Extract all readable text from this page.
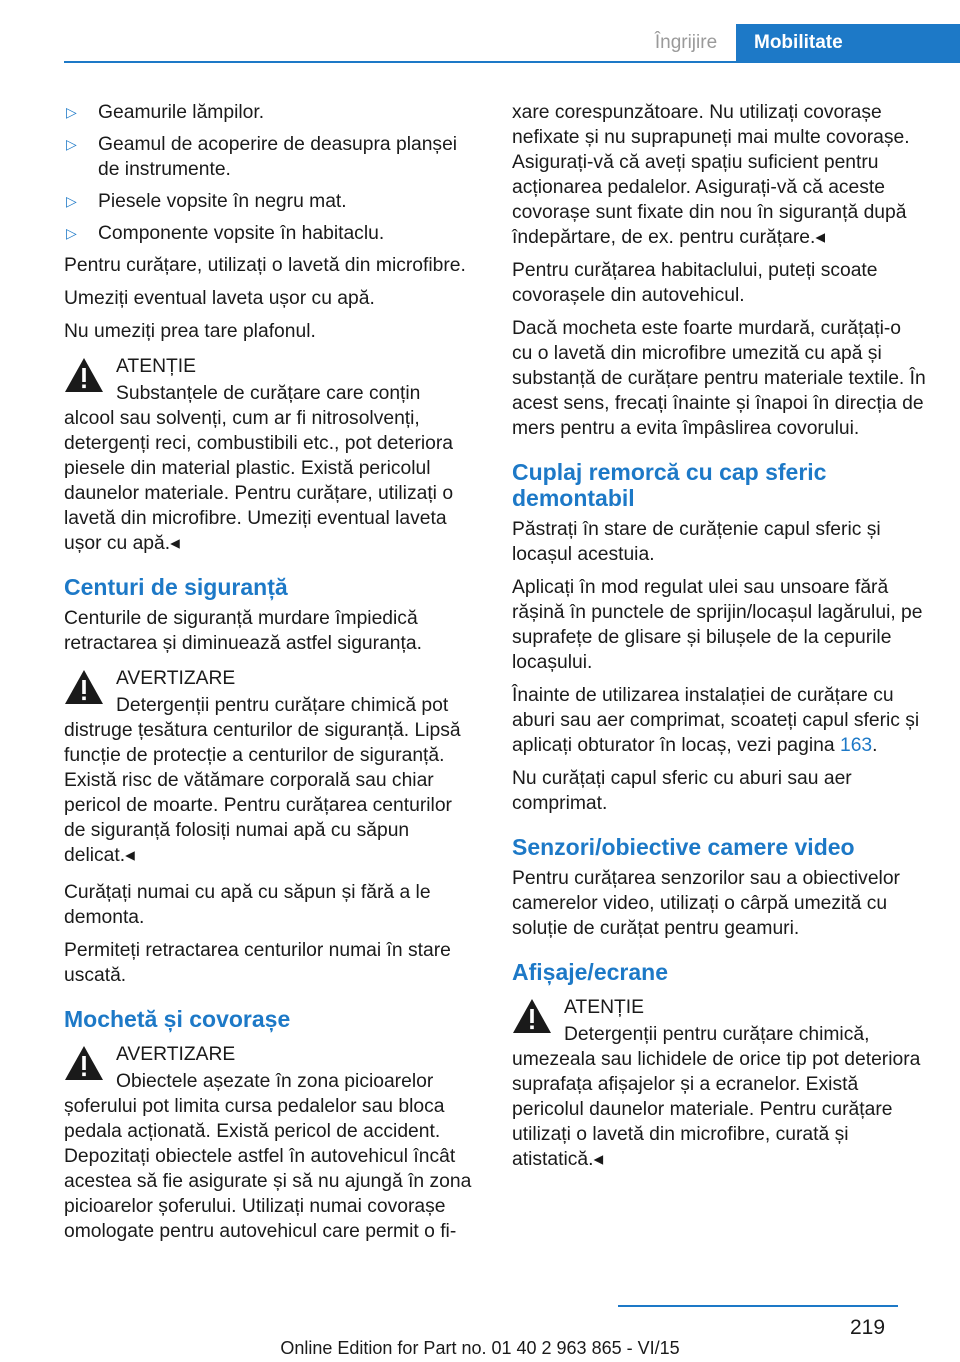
Îngrijire	Mobilitate
▷ Geamurile lămpilor.
▷ Geamul de acoperire de deasupra planșei de instrumente.
▷ Piesele vopsite în negru mat.
▷ Componente vopsite în habitaclu.

Pentru curățare, utilizați o lavetă din microfibre.

Umeziți eventual laveta ușor cu apă.

Nu umeziți prea tare plafonul.

ATENȚIE

Substanțele de curățare care conțin alcool sau solvenți, cum ar fi nitrosolvenți, detergenți reci, combustibili etc., pot deteriora piesele din material plastic. Există pericolul daunelor materiale. Pentru curățare, utilizați o lavetă din microfibre. Umeziți eventual laveta ușor cu apă.◂

Centuri de siguranță

Centurile de siguranță murdare împiedică retractarea și diminuează astfel siguranța.

AVERTIZARE

Detergenții pentru curățare chimică pot distruge țesătura centurilor de siguranță. Lipsă funcție de protecție a centurilor de siguranță. Există risc de vătămare corporală sau chiar pericol de moarte. Pentru curățarea centurilor de siguranță folosiți numai apă cu săpun delicat.◂

Curățați numai cu apă cu săpun și fără a le demonta.

Permiteți retractarea centurilor numai în stare uscată.

Mochetă și covorașe

AVERTIZARE

Obiectele așezate în zona picioarelor șoferului pot limita cursa pedalelor sau bloca pedala acționată. Există pericol de accident. Depozitați obiectele astfel în autovehicul încât acestea să fie asigurate și să nu ajungă în zona picioarelor șoferului. Utilizați numai covorașe omologate pentru autovehicul care permit o fi-

xare corespunzătoare. Nu utilizați covorașe nefixate și nu suprapuneți mai multe covorașe. Asigurați-vă că aveți spațiu suficient pentru acționarea pedalelor. Asigurați-vă că aceste covorașe sunt fixate din nou în siguranță după îndepărtare, de ex. pentru curățare.◂

Pentru curățarea habitaclului, puteți scoate covorașele din autovehicul.

Dacă mocheta este foarte murdară, curățați-o cu o lavetă din microfibre umezită cu apă și substanță de curățare pentru materiale textile. În acest sens, frecați înainte și înapoi în direcția de mers pentru a evita împâslirea covorului.

Cuplaj remorcă cu cap sferic demontabil

Păstrați în stare de curățenie capul sferic și locașul acestuia.

Aplicați în mod regulat ulei sau unsoare fără rășină în punctele de sprijin/locașul lagărului, pe suprafețe de glisare și bilușele de la cepurile locașului.

Înainte de utilizarea instalației de curățare cu aburi sau aer comprimat, scoateți capul sferic și aplicați obturator în locaș, vezi pagina 163.

Nu curățați capul sferic cu aburi sau aer comprimat.

Senzori/obiective camere video

Pentru curățarea senzorilor sau a obiectivelor camerelor video, utilizați o cârpă umezită cu soluție de curățat pentru geamuri.

Afișaje/ecrane

ATENȚIE

Detergenții pentru curățare chimică, umezeala sau lichidele de orice tip pot deteriora suprafața afișajelor și a ecranelor. Există pericolul daunelor materiale. Pentru curățare utilizați o lavetă din microfibre, curată și atistatică.◂

219
Online Edition for Part no. 01 40 2 963 865 - VI/15
